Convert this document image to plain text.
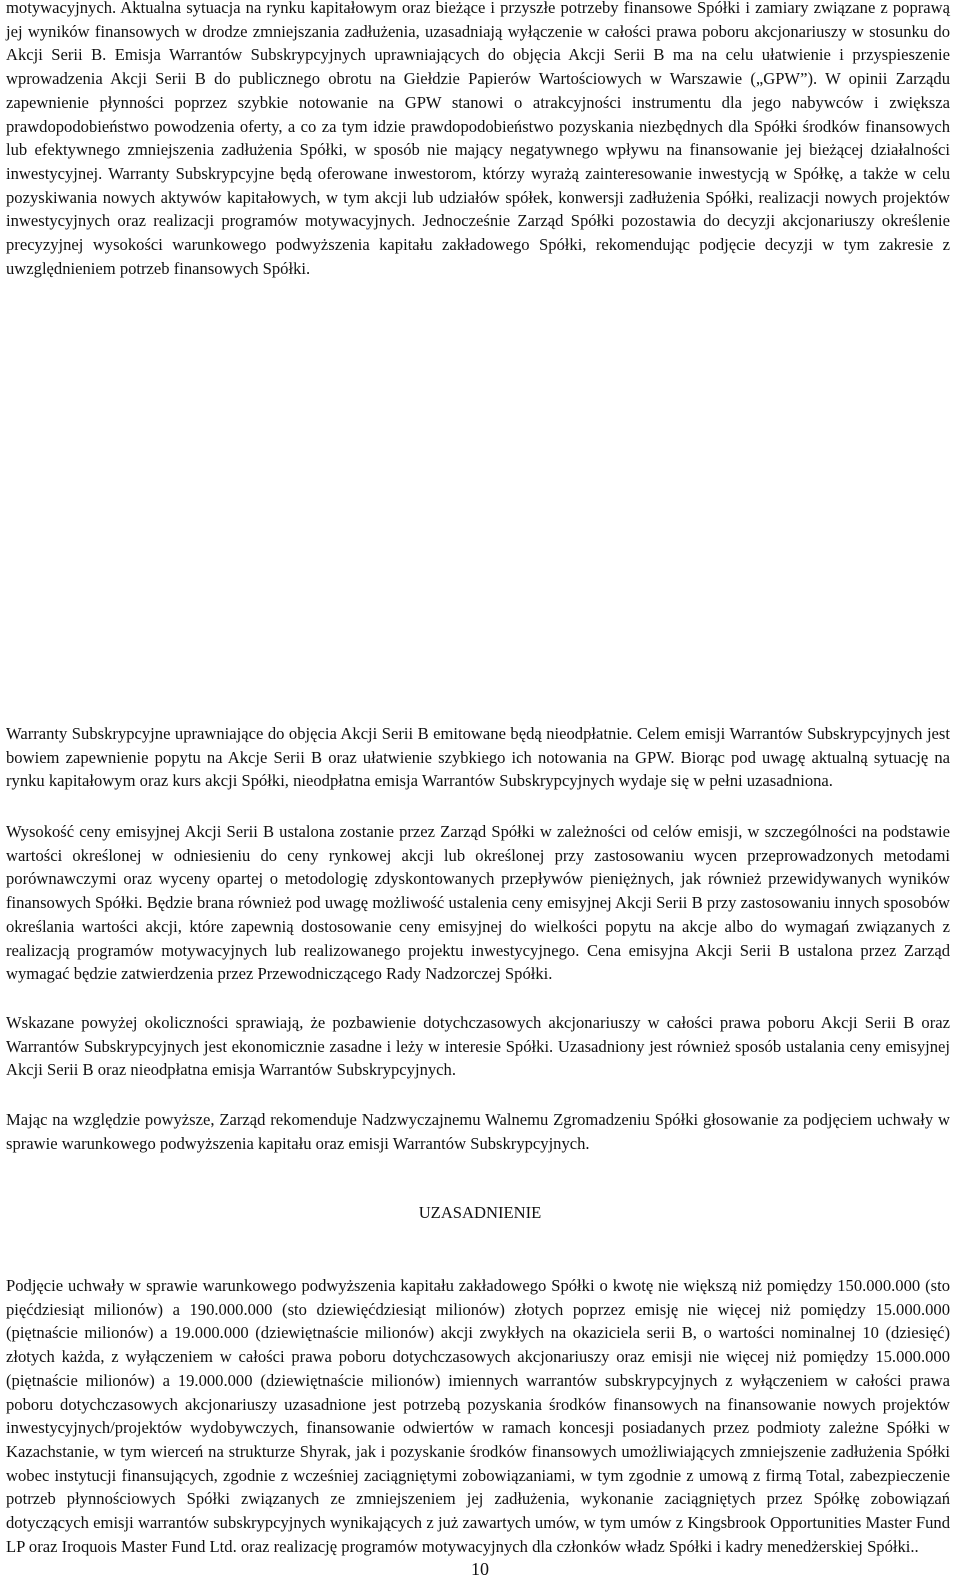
motywacyjnych. Aktualna sytuacja na rynku kapitałowym oraz bieżące i przyszłe potrzeby finansowe Spółki i zamiary związane z poprawą jej wyników finansowych w drodze zmniejszania zadłużenia, uzasadniają wyłączenie w całości prawa poboru akcjonariuszy w stosunku do Akcji Serii B. Emisja Warrantów Subskrypcyjnych uprawniających do objęcia Akcji Serii B ma na celu ułatwienie i przyspieszenie wprowadzenia Akcji Serii B do publicznego obrotu na Giełdzie Papierów Wartościowych w Warszawie („GPW”). W opinii Zarządu zapewnienie płynności poprzez szybkie notowanie na GPW stanowi o atrakcyjności instrumentu dla jego nabywców i zwiększa prawdopodobieństwo powodzenia oferty, a co za tym idzie prawdopodobieństwo pozyskania niezbędnych dla Spółki środków finansowych lub efektywnego zmniejszenia zadłużenia Spółki, w sposób nie mający negatywnego wpływu na finansowanie jej bieżącej działalności inwestycyjnej. Warranty Subskrypcyjne będą oferowane inwestorom, którzy wyrażą zainteresowanie inwestycją w Spółkę, a także w celu pozyskiwania nowych aktywów kapitałowych, w tym akcji lub udziałów spółek, konwersji zadłużenia Spółki, realizacji nowych projektów inwestycyjnych oraz realizacji programów motywacyjnych. Jednocześnie Zarząd Spółki pozostawia do decyzji akcjonariuszy określenie precyzyjnej wysokości warunkowego podwyższenia kapitału zakładowego Spółki, rekomendując podjęcie decyzji w tym zakresie z uwzględnieniem potrzeb finansowych Spółki.

Warranty Subskrypcyjne uprawniające do objęcia Akcji Serii B emitowane będą nieodpłatnie. Celem emisji Warrantów Subskrypcyjnych jest bowiem zapewnienie popytu na Akcje Serii B oraz ułatwienie szybkiego ich notowania na GPW. Biorąc pod uwagę aktualną sytuację na rynku kapitałowym oraz kurs akcji Spółki, nieodpłatna emisja Warrantów Subskrypcyjnych wydaje się w pełni uzasadniona.

Wysokość ceny emisyjnej Akcji Serii B ustalona zostanie przez Zarząd Spółki w zależności od celów emisji, w szczególności na podstawie wartości określonej w odniesieniu do ceny rynkowej akcji lub określonej przy zastosowaniu wycen przeprowadzonych metodami porównawczymi oraz wyceny opartej o metodologię zdyskontowanych przepływów pieniężnych, jak również przewidywanych wyników finansowych Spółki. Będzie brana również pod uwagę możliwość ustalenia ceny emisyjnej Akcji Serii B przy zastosowaniu innych sposobów określania wartości akcji, które zapewnią dostosowanie ceny emisyjnej do wielkości popytu na akcje albo do wymagań związanych z realizacją programów motywacyjnych lub realizowanego projektu inwestycyjnego. Cena emisyjna Akcji Serii B ustalona przez Zarząd wymagać będzie zatwierdzenia przez Przewodniczącego Rady Nadzorczej Spółki.

Wskazane powyżej okoliczności sprawiają, że pozbawienie dotychczasowych akcjonariuszy w całości prawa poboru Akcji Serii B oraz Warrantów Subskrypcyjnych jest ekonomicznie zasadne i leży w interesie Spółki. Uzasadniony jest również sposób ustalania ceny emisyjnej Akcji Serii B oraz nieodpłatna emisja Warrantów Subskrypcyjnych.

Mając na względzie powyższe, Zarząd rekomenduje Nadzwyczajnemu Walnemu Zgromadzeniu Spółki głosowanie za podjęciem uchwały w sprawie warunkowego podwyższenia kapitału oraz emisji Warrantów Subskrypcyjnych.

UZASADNIENIE

Podjęcie uchwały w sprawie warunkowego podwyższenia kapitału zakładowego Spółki o kwotę nie większą niż pomiędzy 150.000.000 (sto pięćdziesiąt milionów) a 190.000.000 (sto dziewięćdziesiąt milionów) złotych poprzez emisję nie więcej niż pomiędzy 15.000.000 (piętnaście milionów) a 19.000.000 (dziewiętnaście milionów) akcji zwykłych na okaziciela serii B, o wartości nominalnej 10 (dziesięć) złotych każda, z wyłączeniem w całości prawa poboru dotychczasowych akcjonariuszy oraz emisji nie więcej niż pomiędzy 15.000.000 (piętnaście milionów) a 19.000.000 (dziewiętnaście milionów) imiennych warrantów subskrypcyjnych z wyłączeniem w całości prawa poboru dotychczasowych akcjonariuszy uzasadnione jest potrzebą pozyskania środków finansowych na finansowanie nowych projektów inwestycyjnych/projektów wydobywczych, finansowanie odwiertów w ramach koncesji posiadanych przez podmioty zależne Spółki w Kazachstanie, w tym wierceń na strukturze Shyrak, jak i pozyskanie środków finansowych umożliwiających zmniejszenie zadłużenia Spółki wobec instytucji finansujących, zgodnie z wcześniej zaciągniętymi zobowiązaniami, w tym zgodnie z umową z firmą Total, zabezpieczenie potrzeb płynnościowych Spółki związanych ze zmniejszeniem jej zadłużenia, wykonanie zaciągniętych przez Spółkę zobowiązań dotyczących emisji warrantów subskrypcyjnych wynikających z już zawartych umów, w tym umów z Kingsbrook Opportunities Master Fund LP oraz Iroquois Master Fund Ltd. oraz realizację programów motywacyjnych dla członków władz Spółki i kadry menedżerskiej Spółki..

10
